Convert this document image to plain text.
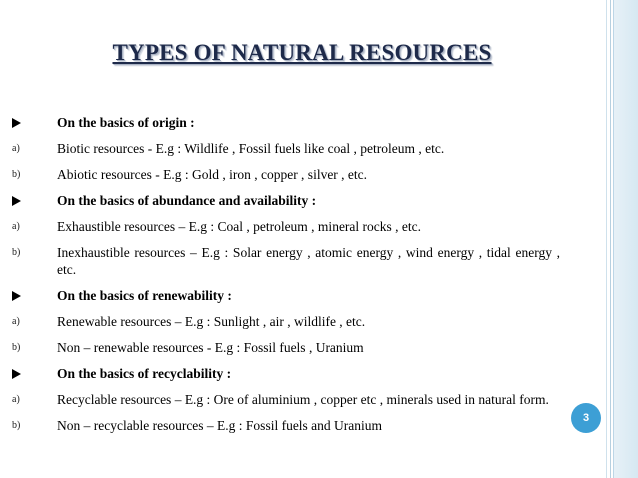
TYPES OF NATURAL RESOURCES
On the basics of origin :
a)	Biotic resources - E.g : Wildlife , Fossil fuels like coal , petroleum , etc.
b)	Abiotic resources - E.g : Gold , iron , copper , silver , etc.
On the basics of abundance and availability :
a)	Exhaustible resources – E.g : Coal , petroleum , mineral rocks , etc.
b)	Inexhaustible resources – E.g : Solar energy , atomic energy , wind energy , tidal energy , etc.
On the basics of renewability :
a)	Renewable resources – E.g : Sunlight , air , wildlife , etc.
b)	Non – renewable resources - E.g : Fossil fuels , Uranium
On the basics of recyclability :
a)	Recyclable resources – E.g : Ore of aluminium , copper etc , minerals used in natural form.
b)	Non – recyclable resources – E.g : Fossil fuels and Uranium	3
